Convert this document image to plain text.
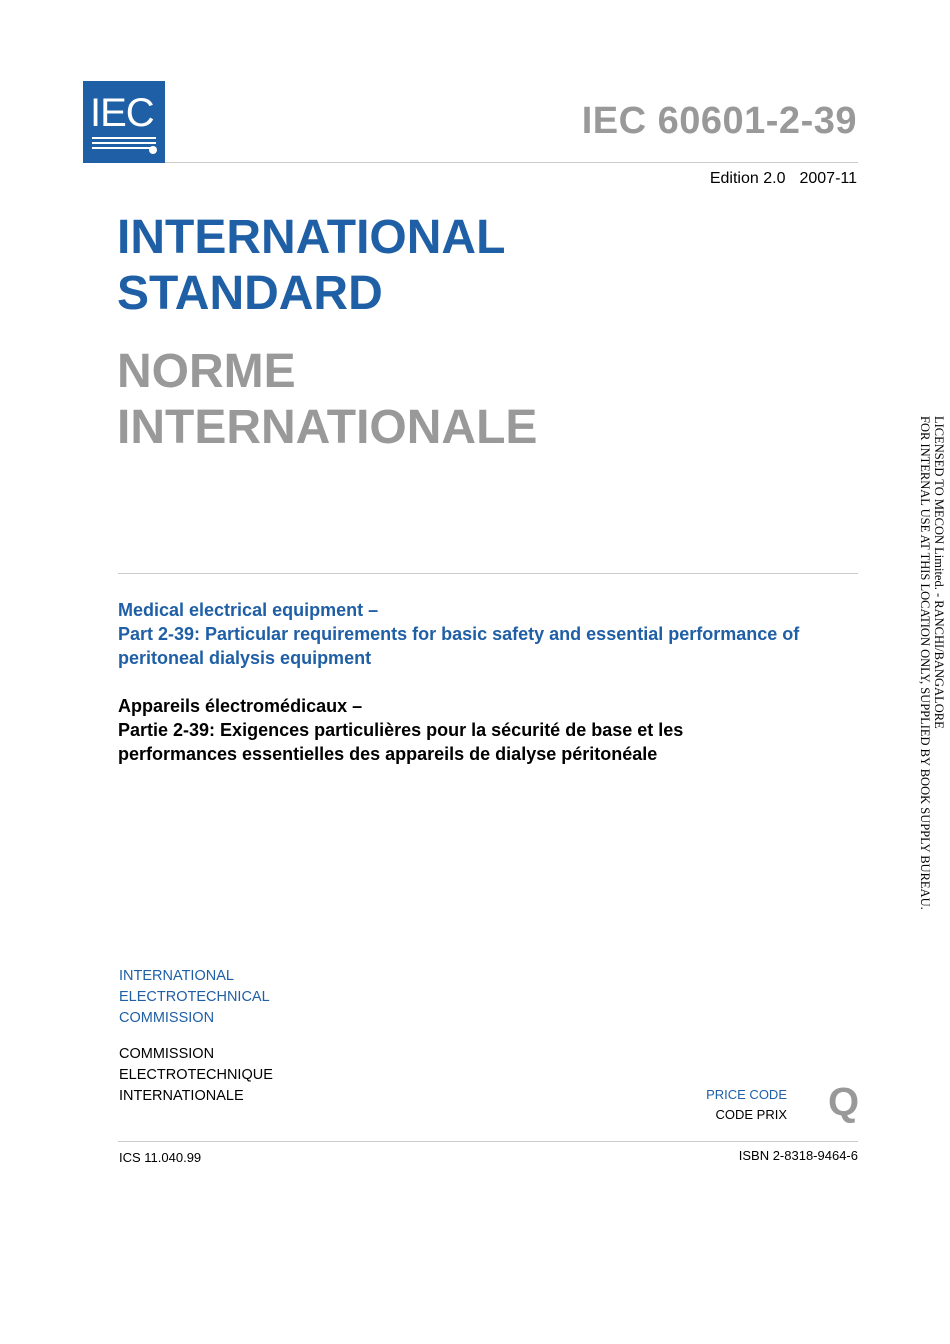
IEC	IEC 60601-2-39
Edition 2.0 2007-11
INTERNATIONAL
STANDARD
NORME
INTERNATIONALE
Medical electrical equipment –
Part 2-39: Particular requirements for basic safety and essential performance of
peritoneal dialysis equipment
Appareils électromédicaux –
Partie 2-39: Exigences particulières pour la sécurité de base et les
performances essentielles des appareils de dialyse péritonéale
INTERNATIONAL
ELECTROTECHNICAL
COMMISSION
COMMISSION
ELECTROTECHNIQUE
INTERNATIONALE	PRICE CODE
CODE PRIX Q
ICS 11.040.99	ISBN 2-8318-9464-6
LICENSED TO MECON Limited. - RANCHI/BANGALORE
FOR INTERNAL USE AT THIS LOCATION ONLY, SUPPLIED BY BOOK SUPPLY BUREAU.
